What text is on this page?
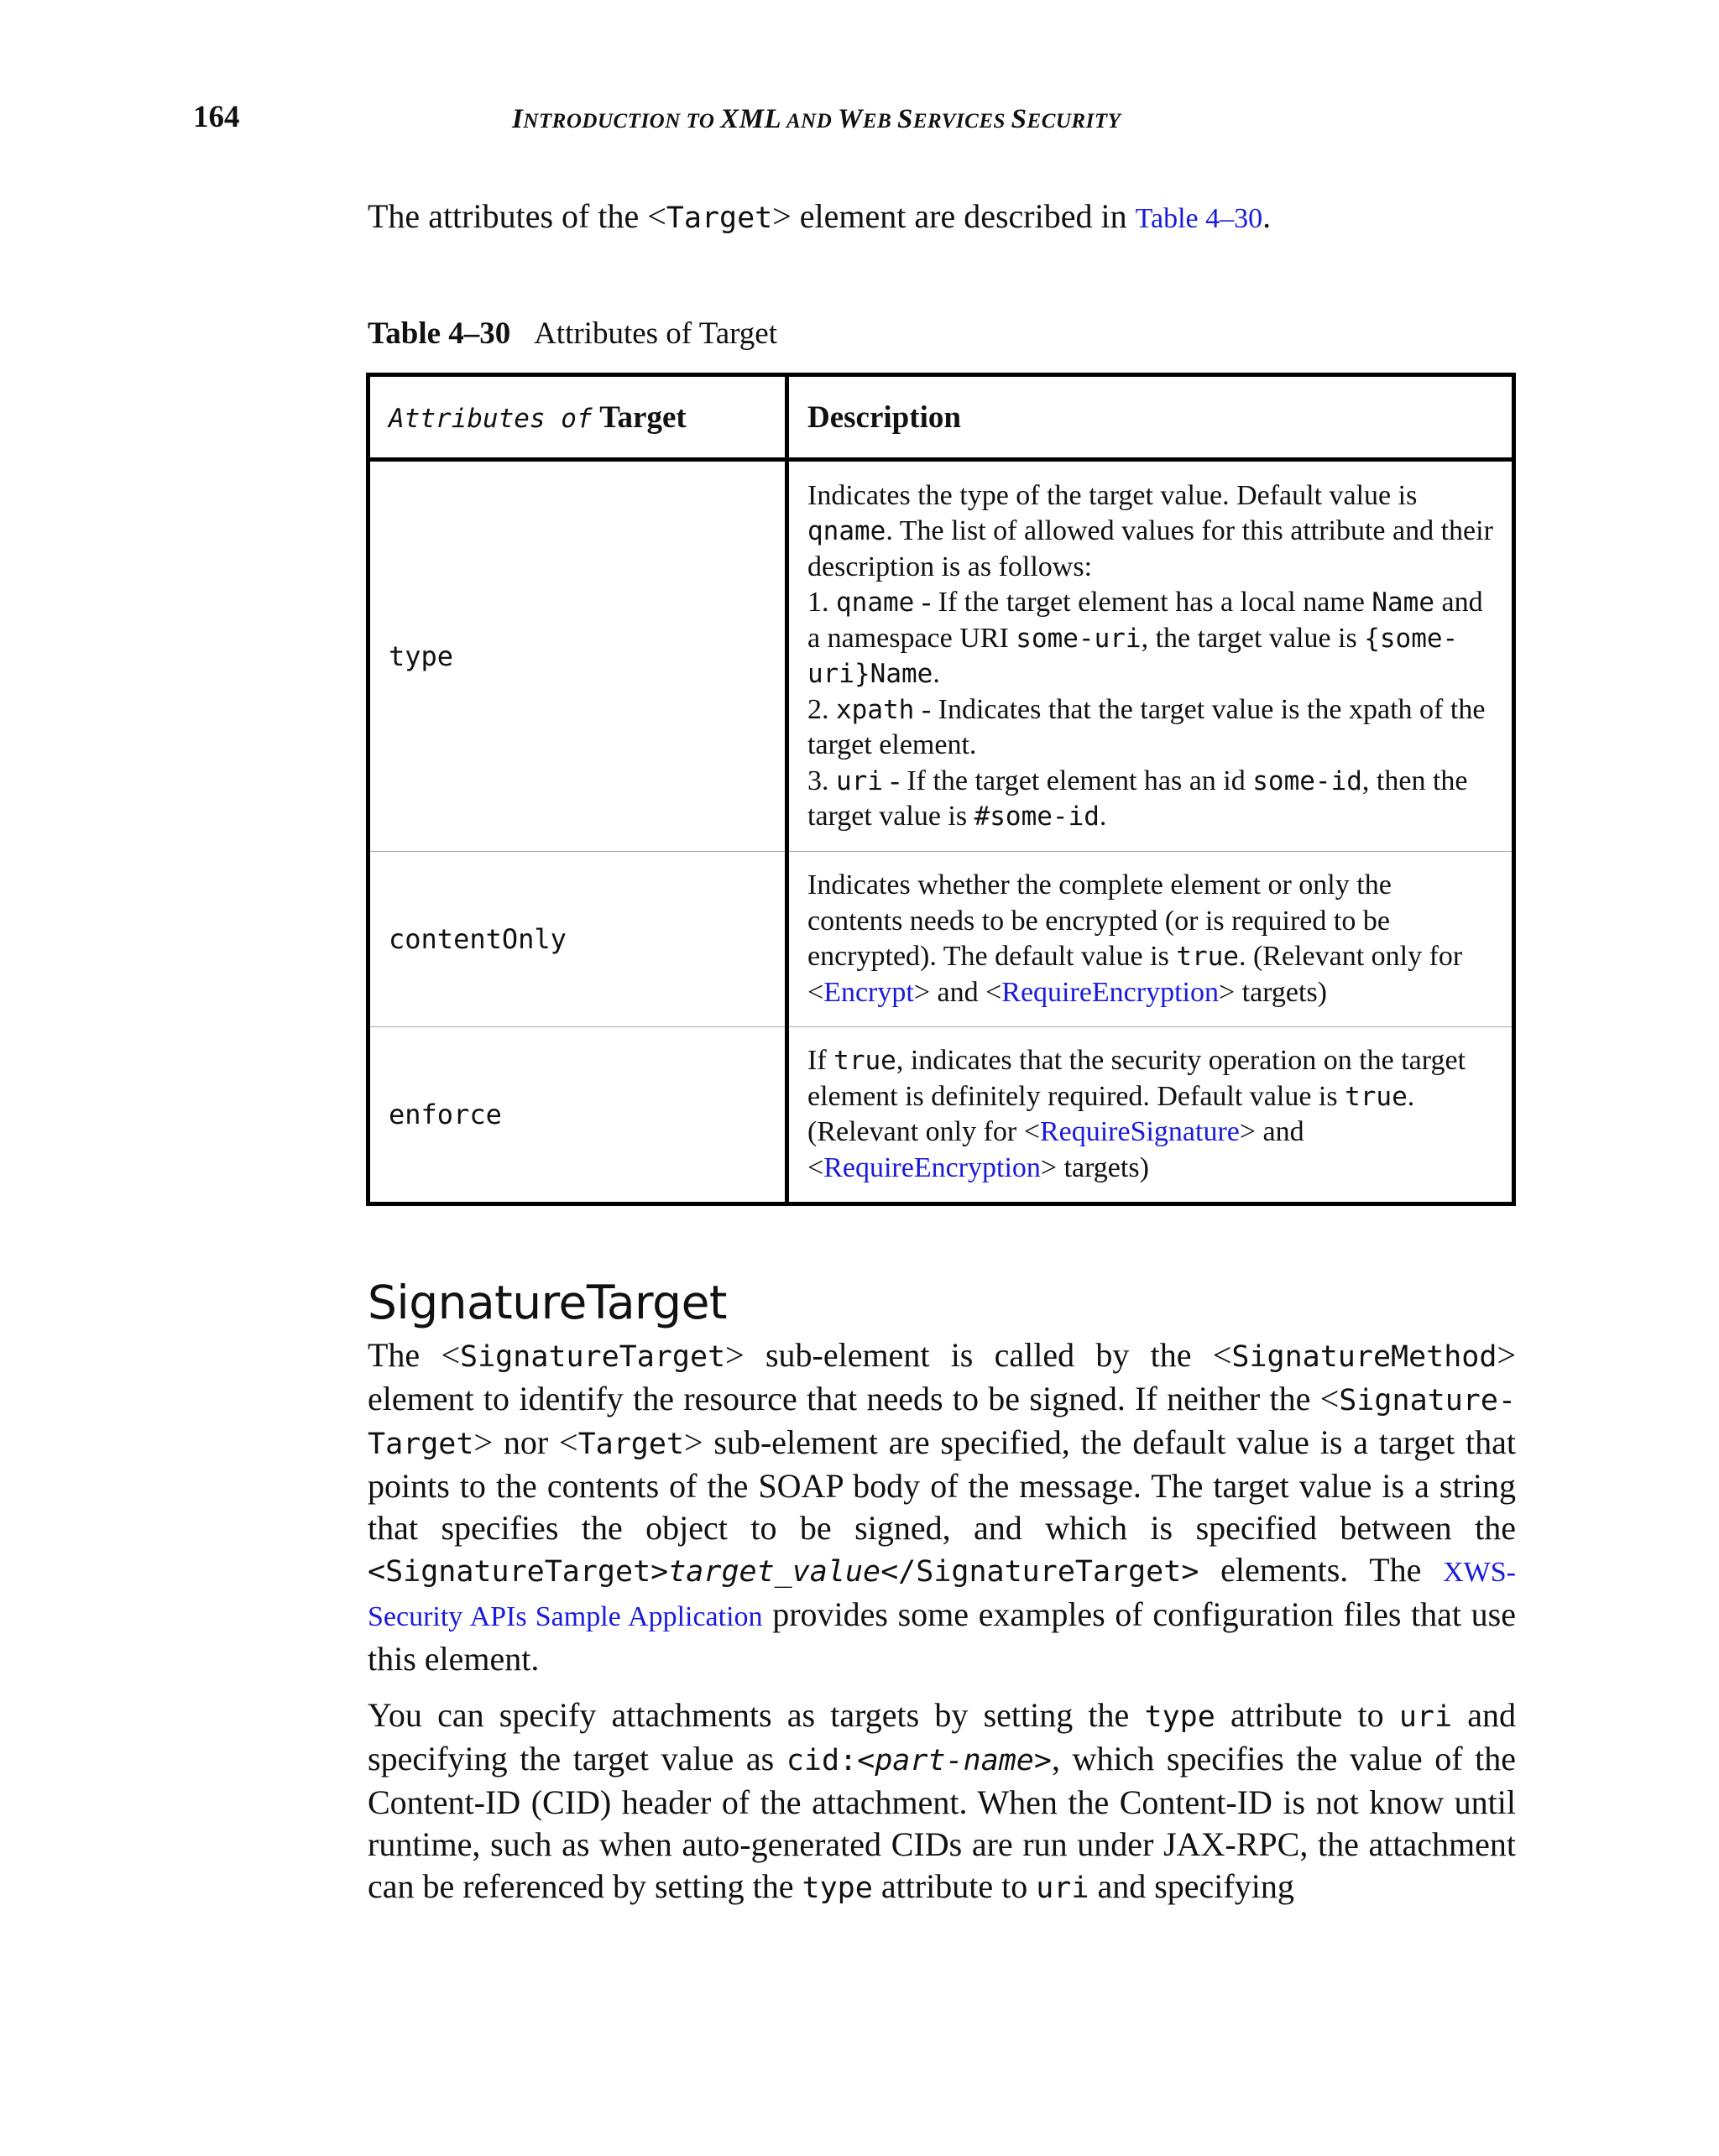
164	INTRODUCTION TO XML AND WEB SERVICES SECURITY
The attributes of the <Target> element are described in Table 4–30.
Table 4–30 Attributes of Target
Attributes of Target	Description
type	Indicates the type of the target value. Default value is qname. The list of allowed values for this attribute and their description is as follows:
1. qname - If the target element has a local name Name and a namespace URI some-uri, the target value is {some-uri}Name.
2. xpath - Indicates that the target value is the xpath of the target element.
3. uri - If the target element has an id some-id, then the target value is #some-id.
contentOnly	Indicates whether the complete element or only the contents needs to be encrypted (or is required to be encrypted). The default value is true. (Relevant only for <Encrypt> and <RequireEncryption> targets)
enforce	If true, indicates that the security operation on the target element is definitely required. Default value is true. (Relevant only for <RequireSignature> and <RequireEncryption> targets)
SignatureTarget

The <SignatureTarget> sub-element is called by the <SignatureMethod> element to identify the resource that needs to be signed. If neither the <Signature-Target> nor <Target> sub-element are specified, the default value is a target that points to the contents of the SOAP body of the message. The target value is a string that specifies the object to be signed, and which is specified between the <SignatureTarget>target_value</SignatureTarget> elements. The XWS-Security APIs Sample Application provides some examples of configuration files that use this element.

You can specify attachments as targets by setting the type attribute to uri and specifying the target value as cid:<part-name>, which specifies the value of the Content-ID (CID) header of the attachment. When the Content-ID is not know until runtime, such as when auto-generated CIDs are run under JAX-RPC, the attachment can be referenced by setting the type attribute to uri and specifying
